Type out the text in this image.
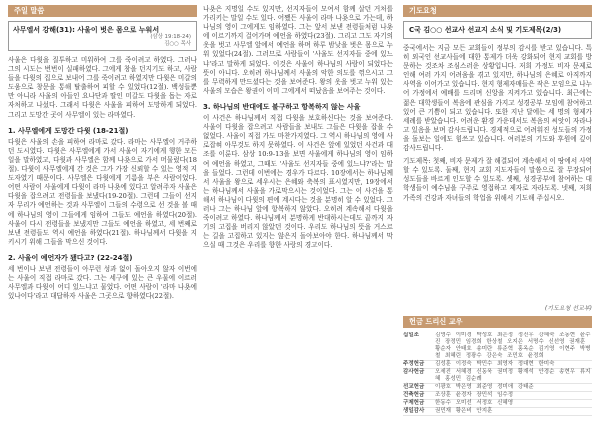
주일 말씀
사무엘서 강해(31): 사울이 벗은 몸으로 누워서
(삼상 19:18-24)
김○○ 목사

사울은 다윗을 질투하고 미워하여 그를 죽이려고 하였다. 그러나 그의 시도는 번번이 실패하였다. 그에게 창을 던지기도 하고, 사람들을 다윗의 집으로 보내어 그를 죽이려고 하였지만 다윗은 미갈의 도움으로 창문을 통해 탈출하여 피할 수 있었다(12절). 백성들뿐만 아니라 사울의 아들인 요나단과 딸인 미갈도 다윗을 돕는 자로 자처하고 나섰다. 그래서 다윗은 사울을 피하여 도망하게 되었다. 그리고 도망간 곳이 사무엘이 있는 라마였다.

1. 사무엘에게 도망간 다윗 (18-21절)

다윗은 사울의 손을 피하여 라마로 갔다. 라마는 사무엘이 거주하던 도시였다. 다윗은 사무엘에게 가서 사울이 자기에게 행한 모든 일을 말하였고, 다윗과 사무엘은 함께 나욧으로 가서 머물렀다(18절). 다윗이 사무엘에게 간 것은 그가 가장 신뢰할 수 있는 영적 지도자였기 때문이다. 사무엘은 다윗에게 기름을 부은 사람이었다. 어떤 사람이 사울에게 다윗이 라마 나욧에 있다고 알려주자 사울은 다윗을 잡으려고 전령들을 보냈다(19-20절). 그런데 그들이 선지자 무리가 예언하는 것과 사무엘이 그들의 수령으로 선 것을 볼 때에 하나님의 영이 그들에게 임하여 그들도 예언을 하였다(20절). 사울이 다시 전령들을 보냈지만 그들도 예언을 하였고, 세 번째로 보낸 전령들도 역시 예언을 하였다(21절). 하나님께서 다윗을 지키시기 위해 그들을 막으신 것이다.

2. 사울이 예언자가 됐다고? (22-24절)

세 번이나 보낸 전령들이 아무런 성과 없이 돌아오지 않자 이번에는 사울이 직접 라마로 갔다. 그는 세구에 있는 큰 우물에 이르러 사무엘과 다윗이 어디 있느냐고 물었다. 어떤 사람이 '라마 나욧에 있나이다'라고 대답하자 사울은 그곳으로 향하였다(22절).

나욧은 지명일 수도 있지만, 선지자들이 모여서 함께 살던 거처를 가리키는 말일 수도 있다. 어쨌든 사울이 라마 나욧으로 가는데, 하나님의 영이 그에게도 임하였다. 그는 앞서 보낸 전령들처럼 나욧에 이르기까지 걸어가며 예언을 하였다(23절). 그리고 그도 자기의 옷을 벗고 사무엘 앞에서 예언을 하며 하루 밤낮을 벗은 몸으로 누워 있었다(24절). 그러므로 사람들이 '사울도 선지자들 중에 있느냐'라고 말하게 되었다. 이것은 사울이 하나님의 사람이 되었다는 뜻이 아니다. 오히려 하나님께서 사울의 악한 의도를 꺾으시고 그를 무력하게 만드셨다는 것을 보여준다. 왕의 옷을 벗고 누워 있는 사울의 모습은 왕권이 이미 그에게서 떠났음을 보여주는 것이다.

3. 하나님의 반대에도 불구하고 항복하지 않는 사울

이 사건은 하나님께서 직접 다윗을 보호하신다는 것을 보여준다. 사울이 다윗을 잡으려고 사람들을 보내도 그들은 다윗을 잡을 수 없었다. 사울이 직접 가도 마찬가지였다. 그 역시 하나님의 영에 사로잡혀 아무것도 하지 못하였다. 이 사건은 앞에 있었던 사건과 대조를 이룬다. 삼상 10:9-13을 보면 사울에게 하나님의 영이 임하여 예언을 하였고, 그때도 '사울도 선지자들 중에 있느냐?'라는 말을 들었다. 그런데 이번에는 경우가 다르다. 10장에서는 하나님께서 사울을 왕으로 세우시는 은혜와 축복의 표시였지만, 19장에서는 하나님께서 사울을 가로막으시는 것이었다. 그는 이 사건을 통해서 하나님이 다윗의 편에 계시다는 것을 분명히 알 수 있었다. 그러나 그는 하나님 앞에 항복하지 않았다. 오히려 계속해서 다윗을 죽이려고 하였다. 하나님께서 분명하게 반대하시는데도 끝까지 자기의 고집을 버리지 않았던 것이다. 우리도 하나님의 뜻을 거스르는 길을 고집하고 있지는 않은지 돌아보아야 한다. 하나님께서 막으실 때 그것은 우리를 향한 사랑의 경고이다.

기도요청
C국 김○○ 선교사 선교지 소식 및 기도제목(2/3)

중국에서는 지금 모든 교회들이 정부의 감시를 받고 있습니다. 특히 외국인 선교사들에 대한 통제가 더욱 강화되어 현지 교회를 방문하는 것조차 조심스러운 상황입니다. 저희 가정도 비자 문제로 인해 여러 가지 어려움을 겪고 있지만, 하나님의 은혜로 아직까지 사역을 이어가고 있습니다. 현지 형제자매들은 작은 모임으로 나누어 가정에서 예배를 드리며 신앙을 지켜가고 있습니다. 최근에는 젊은 대학생들이 복음에 관심을 가지고 성경공부 모임에 참여하고 있어 큰 기쁨이 되고 있습니다. 또한 지난 달에는 세 명의 형제가 세례를 받았습니다. 어려운 환경 가운데서도 복음의 씨앗이 자라나고 있음을 보며 감사드립니다. 경제적으로 어려워진 성도들의 가정을 돌보는 일에도 힘쓰고 있습니다. 여러분의 기도와 후원에 깊이 감사드립니다.

기도제목: 첫째, 비자 문제가 잘 해결되어 계속해서 이 땅에서 사역할 수 있도록. 둘째, 현지 교회 지도자들이 말씀으로 잘 무장되어 성도들을 바르게 인도할 수 있도록. 셋째, 성경공부에 참여하는 대학생들이 예수님을 구주로 영접하고 제자로 자라도록. 넷째, 저희 가족의 건강과 자녀들의 학업을 위해서 기도해 주십시오.

(기도요청 선교부)
헌금 드리신 교우
십일조	김영수 이미경 박성호 최은정 정진우 강혜숙 조동현 윤수진 장정민 임경희 한상철 오지은 서명수 신선영 권재훈 황순자 안태호 송미란 류준혁 홍옥순 김기영 이현주 박병철 최혜린 정광수 강은숙 조민호 윤정희
주정헌금	김성훈 이정숙 박민수 최영자 정대현 한미숙
감사헌금	오세진 서혜경 신동욱 권미정 황재석 안경순 송현우 류지혜 홍성민 김순례
선교헌금	이광호 박은영 최준영 정미애 강태준
건축헌금	조상훈 윤경자 장민석 임수정
구제헌금	한동수 오미선 서정호 신혜영
생일감사	권민재 황은비 안지훈
